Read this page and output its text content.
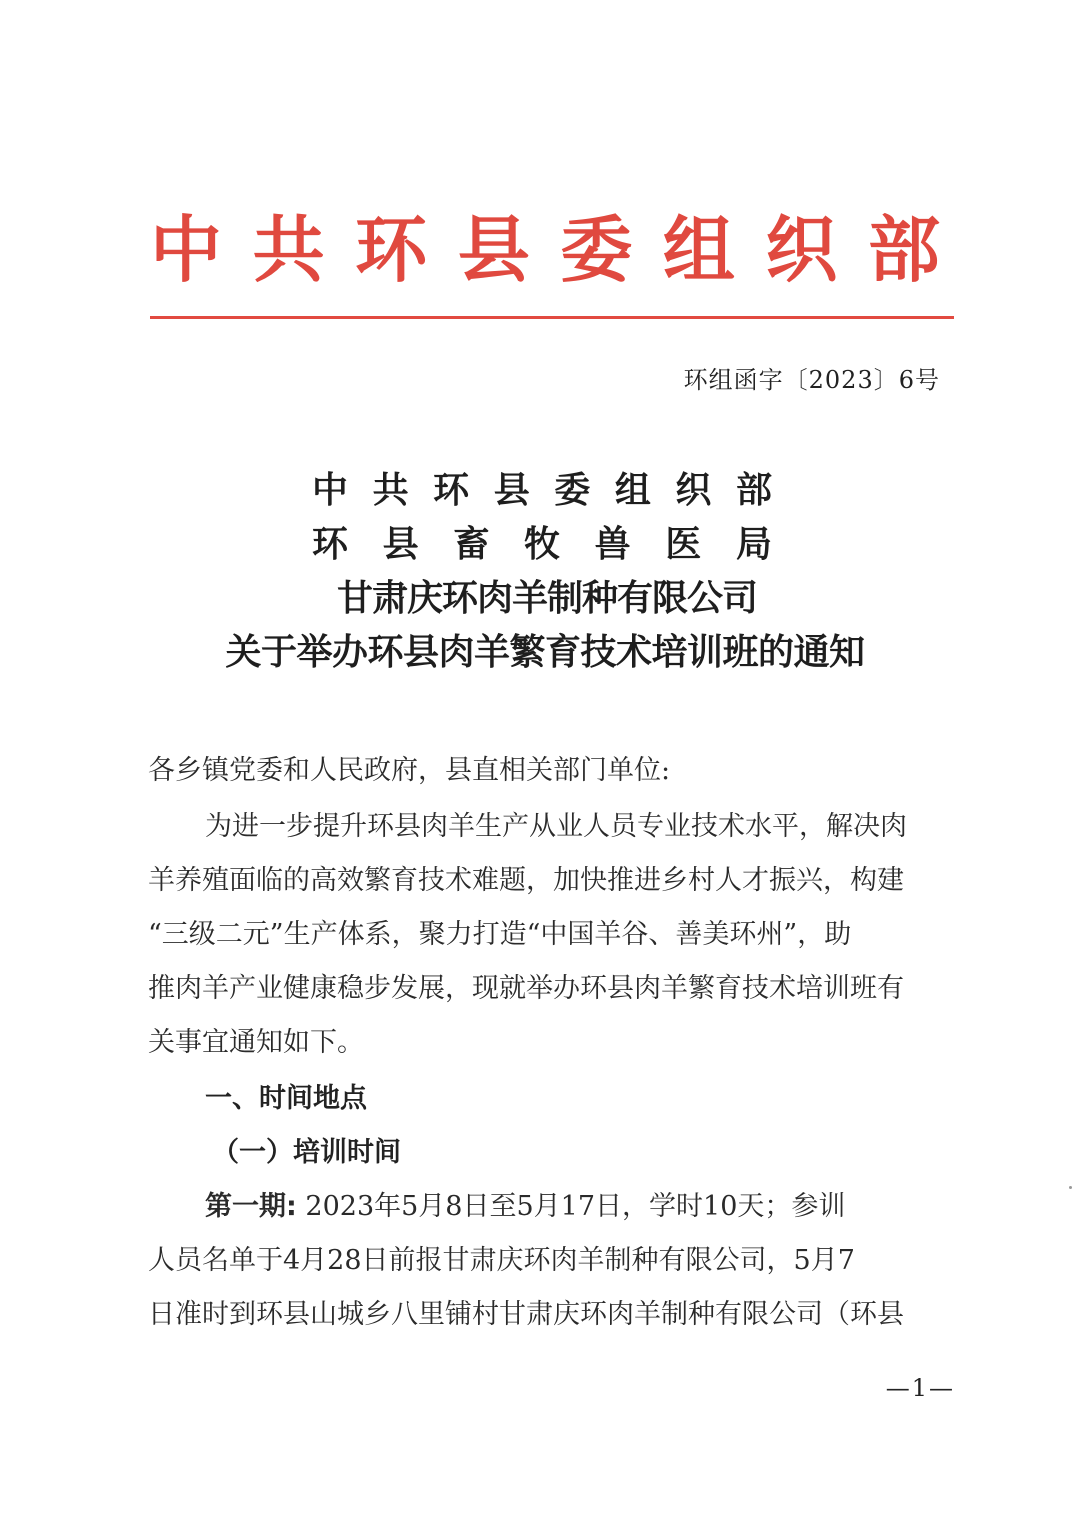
中 共 环 县 委 组 织 部
环组函字〔2023〕6号
中 共 环 县 委 组 织 部
环 县 畜 牧 兽 医 局
甘肃庆环肉羊制种有限公司
关于举办环县肉羊繁育技术培训班的通知
各乡镇党委和人民政府，县直相关部门单位:
为进一步提升环县肉羊生产从业人员专业技术水平，解决肉
羊养殖面临的高效繁育技术难题，加快推进乡村人才振兴，构建
“三级二元”生产体系，聚力打造“中国羊谷、善美环州”，助
推肉羊产业健康稳步发展，现就举办环县肉羊繁育技术培训班有
关事宜通知如下。
一、时间地点
（一）培训时间
第一期: 2023年5月8日至5月17日，学时10天；参训
人员名单于4月28日前报甘肃庆环肉羊制种有限公司，5月7
日准时到环县山城乡八里铺村甘肃庆环肉羊制种有限公司（环县
—1—
